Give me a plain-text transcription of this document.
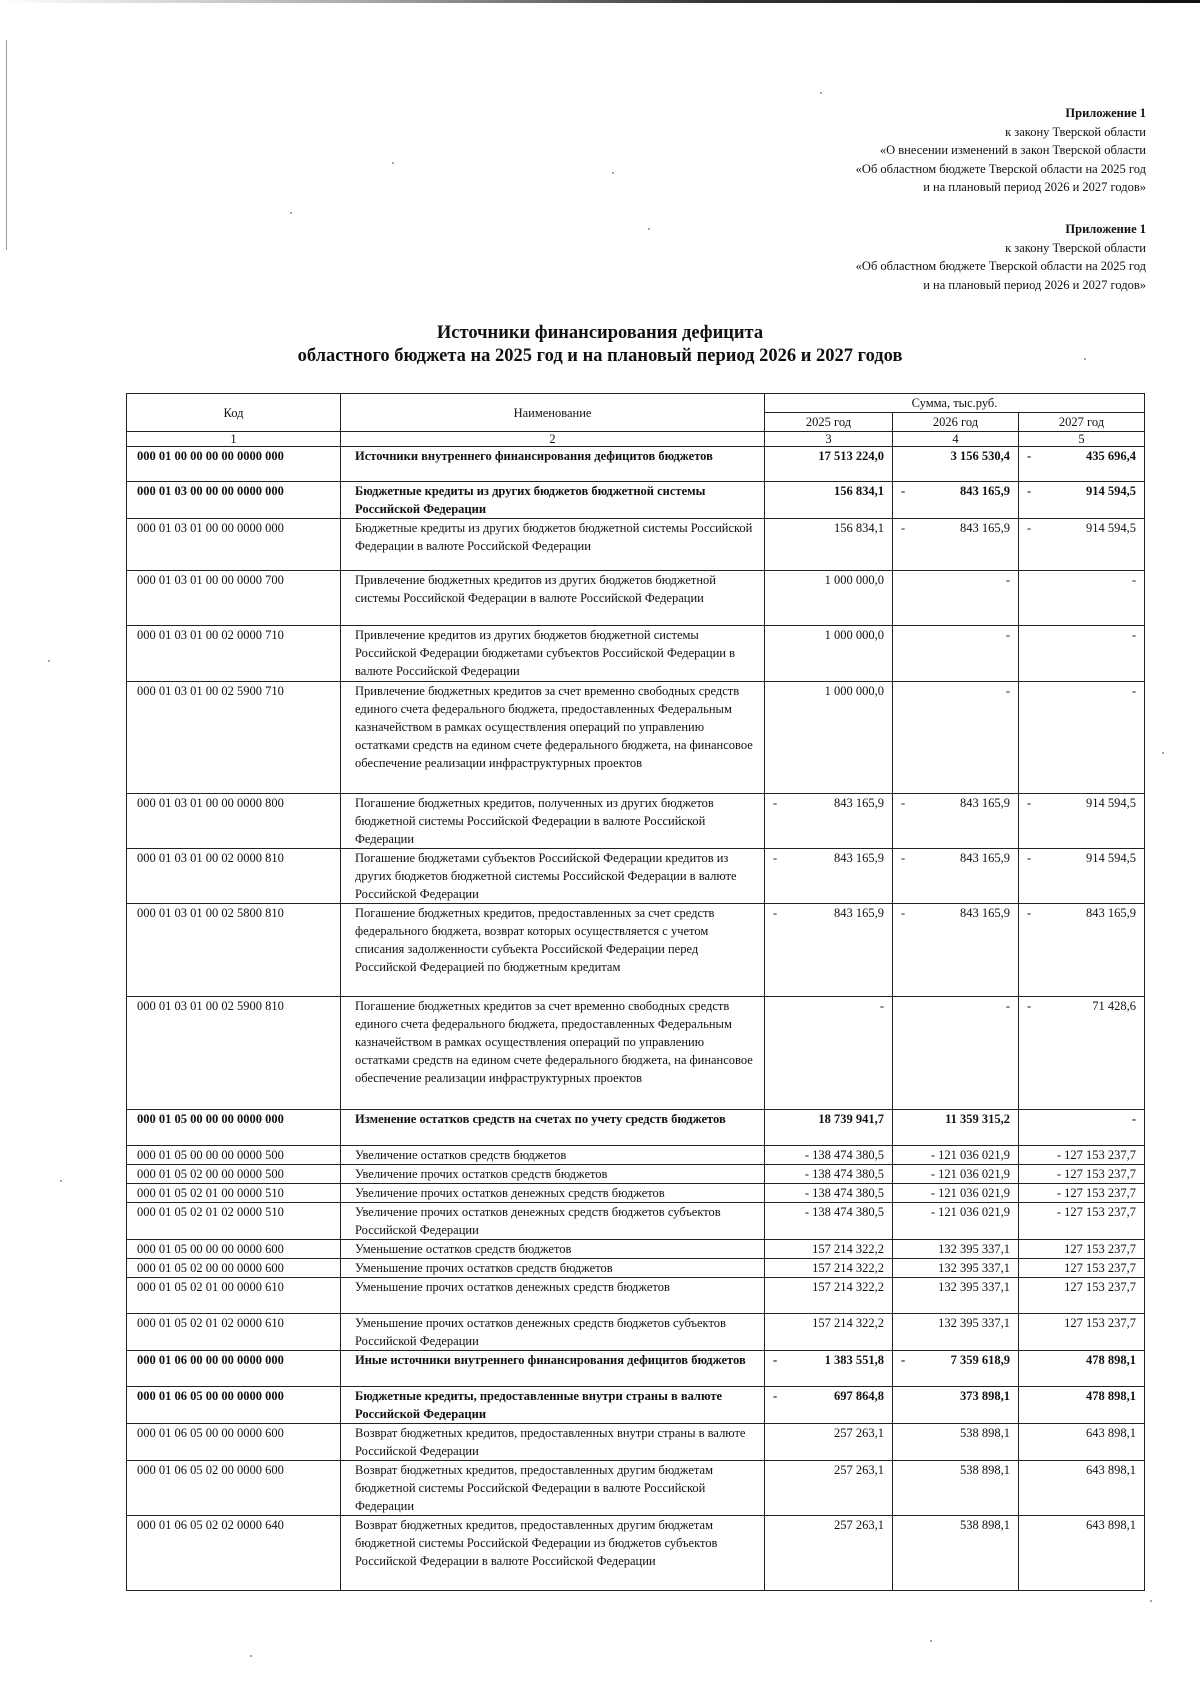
Приложение 1
к закону Тверской области
«О внесении изменений в закон Тверской области
«Об областном бюджете Тверской области на 2025 год
и на плановый период 2026 и 2027 годов»
Приложение 1
к закону Тверской области
«Об областном бюджете Тверской области на 2025 год
и на плановый период 2026 и 2027 годов»
Источники финансирования дефицита
областного бюджета на 2025 год и на плановый период 2026 и 2027 годов
Код	Наименование	Сумма, тыс.руб.		
		2025 год	2026 год	2027 год
1	2	3	4	5
000 01 00 00 00 00 0000 000	Источники внутреннего финансирования дефицитов бюджетов	17 513 224,0	3 156 530,4	- 435 696,4
000 01 03 00 00 00 0000 000	Бюджетные кредиты из других бюджетов бюджетной системы Российской Федерации	156 834,1	- 843 165,9	- 914 594,5
000 01 03 01 00 00 0000 000	Бюджетные кредиты из других бюджетов бюджетной системы Российской Федерации в валюте Российской Федерации	156 834,1	- 843 165,9	- 914 594,5
000 01 03 01 00 00 0000 700	Привлечение бюджетных кредитов из других бюджетов бюджетной системы Российской Федерации в валюте Российской Федерации	1 000 000,0	-	-
000 01 03 01 00 02 0000 710	Привлечение кредитов из других бюджетов бюджетной системы Российской Федерации бюджетами субъектов Российской Федерации в валюте Российской Федерации	1 000 000,0	-	-
000 01 03 01 00 02 5900 710	Привлечение бюджетных кредитов за счет временно свободных средств единого счета федерального бюджета, предоставленных Федеральным казначейством в рамках осуществления операций по управлению остатками средств на едином счете федерального бюджета, на финансовое обеспечение реализации инфраструктурных проектов	1 000 000,0	-	-
000 01 03 01 00 00 0000 800	Погашение бюджетных кредитов, полученных из других бюджетов бюджетной системы Российской Федерации в валюте Российской Федерации	- 843 165,9	- 843 165,9	- 914 594,5
000 01 03 01 00 02 0000 810	Погашение бюджетами субъектов Российской Федерации кредитов из других бюджетов бюджетной системы Российской Федерации в валюте Российской Федерации	- 843 165,9	- 843 165,9	- 914 594,5
000 01 03 01 00 02 5800 810	Погашение бюджетных кредитов, предоставленных за счет средств федерального бюджета, возврат которых осуществляется с учетом списания задолженности субъекта Российской Федерации перед Российской Федерацией по бюджетным кредитам	- 843 165,9	- 843 165,9	- 843 165,9
000 01 03 01 00 02 5900 810	Погашение бюджетных кредитов за счет временно свободных средств единого счета федерального бюджета, предоставленных Федеральным казначейством в рамках осуществления операций по управлению остатками средств на едином счете федерального бюджета, на финансовое обеспечение реализации инфраструктурных проектов	-	-	- 71 428,6
000 01 05 00 00 00 0000 000	Изменение остатков средств на счетах по учету средств бюджетов	18 739 941,7	11 359 315,2	-
000 01 05 00 00 00 0000 500	Увеличение остатков средств бюджетов	- 138 474 380,5	- 121 036 021,9	- 127 153 237,7
000 01 05 02 00 00 0000 500	Увеличение прочих остатков средств бюджетов	- 138 474 380,5	- 121 036 021,9	- 127 153 237,7
000 01 05 02 01 00 0000 510	Увеличение прочих остатков денежных средств бюджетов	- 138 474 380,5	- 121 036 021,9	- 127 153 237,7
000 01 05 02 01 02 0000 510	Увеличение прочих остатков денежных средств бюджетов субъектов Российской Федерации	- 138 474 380,5	- 121 036 021,9	- 127 153 237,7
000 01 05 00 00 00 0000 600	Уменьшение остатков средств бюджетов	157 214 322,2	132 395 337,1	127 153 237,7
000 01 05 02 00 00 0000 600	Уменьшение прочих остатков средств бюджетов	157 214 322,2	132 395 337,1	127 153 237,7
000 01 05 02 01 00 0000 610	Уменьшение прочих остатков денежных средств бюджетов	157 214 322,2	132 395 337,1	127 153 237,7
000 01 05 02 01 02 0000 610	Уменьшение прочих остатков денежных средств бюджетов субъектов Российской Федерации	157 214 322,2	132 395 337,1	127 153 237,7
000 01 06 00 00 00 0000 000	Иные источники внутреннего финансирования дефицитов бюджетов	- 1 383 551,8	- 7 359 618,9	478 898,1
000 01 06 05 00 00 0000 000	Бюджетные кредиты, предоставленные внутри страны в валюте Российской Федерации	- 697 864,8	373 898,1	478 898,1
000 01 06 05 00 00 0000 600	Возврат бюджетных кредитов, предоставленных внутри страны в валюте Российской Федерации	257 263,1	538 898,1	643 898,1
000 01 06 05 02 00 0000 600	Возврат бюджетных кредитов, предоставленных другим бюджетам бюджетной системы Российской Федерации в валюте Российской Федерации	257 263,1	538 898,1	643 898,1
000 01 06 05 02 02 0000 640	Возврат бюджетных кредитов, предоставленных другим бюджетам бюджетной системы Российской Федерации из бюджетов субъектов Российской Федерации в валюте Российской Федерации	257 263,1	538 898,1	643 898,1
